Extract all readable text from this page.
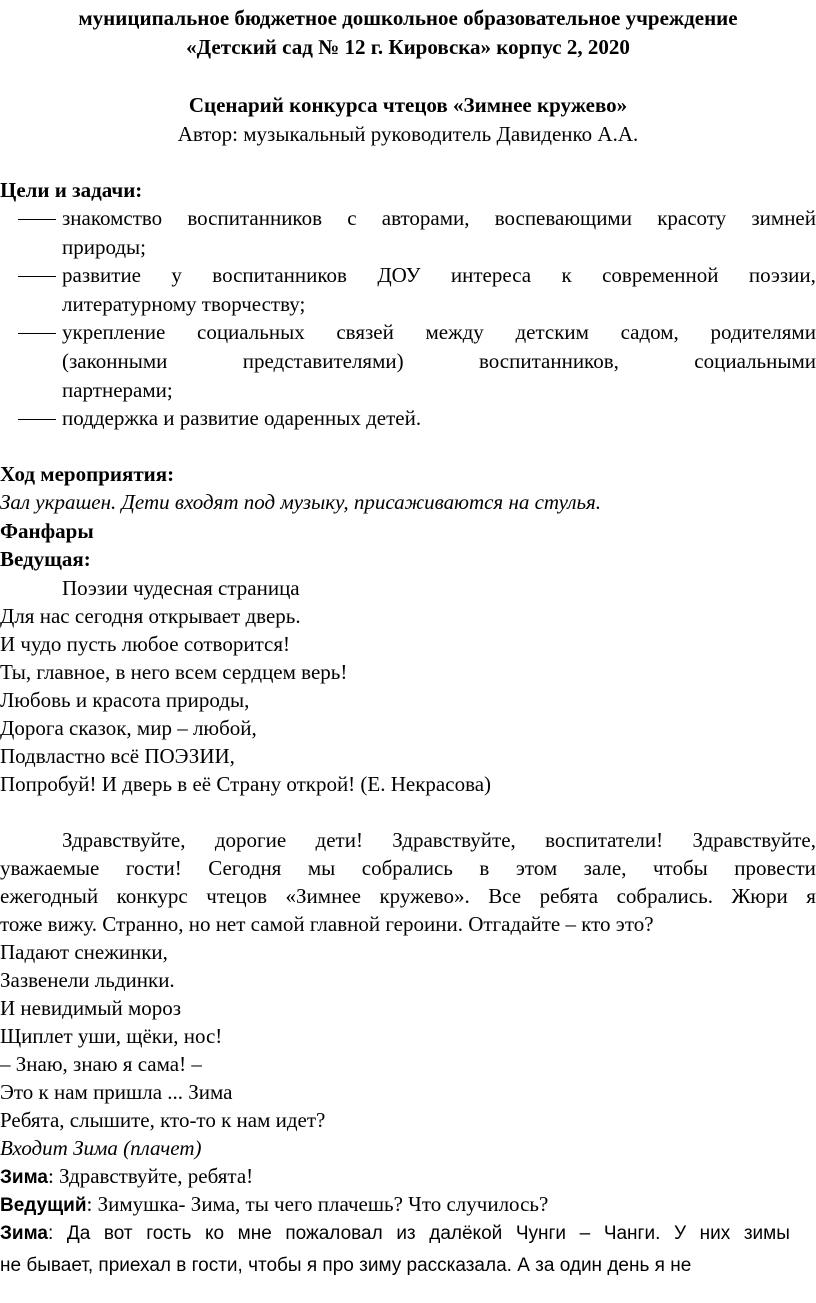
муниципальное бюджетное дошкольное образовательное учреждение
«Детский сад № 12 г. Кировска» корпус 2, 2020
Сценарий конкурса чтецов «Зимнее кружево»
Автор: музыкальный руководитель Давиденко А.А.
Цели и задачи:
знакомство воспитанников с авторами, воспевающими красоту зимней
природы;
развитие у воспитанников ДОУ интереса к современной поэзии,
литературному творчеству;
укрепление социальных связей между детским садом, родителями
(законными	представителями)	воспитанников,	социальными
партнерами;
поддержка и развитие одаренных детей.
Ход мероприятия:
Зал украшен. Дети входят под музыку, присаживаются на стулья.
Фанфары
Ведущая:
Поэзии чудесная страница
Для нас сегодня открывает дверь.
И чудо пусть любое сотворится!
Ты, главное, в него всем сердцем верь!
Любовь и красота природы,
Дорога сказок, мир – любой,
Подвластно всё ПОЭЗИИ,
Попробуй! И дверь в её Страну открой! (Е. Некрасова)
Здравствуйте, дорогие дети! Здравствуйте, воспитатели! Здравствуйте,
уважаемые гости! Сегодня мы собрались в этом зале, чтобы провести
ежегодный конкурс чтецов «Зимнее кружево». Все ребята собрались. Жюри я
тоже вижу. Странно, но нет самой главной героини. Отгадайте – кто это?
Падают снежинки,
Зазвенели льдинки.
И невидимый мороз
Щиплет уши, щёки, нос!
– Знаю, знаю я сама! –
Это к нам пришла ... Зима
Ребята, слышите, кто-то к нам идет?
Входит Зима (плачет)
Зима: Здравствуйте, ребята!
Ведущий: Зимушка- Зима, ты чего плачешь? Что случилось?
Зима : Да вот гость ко мне пожаловал из далёкой Чунги – Чанги. У них зимы
не бывает, приехал в гости, чтобы я про зиму рассказала. А за один день я не
